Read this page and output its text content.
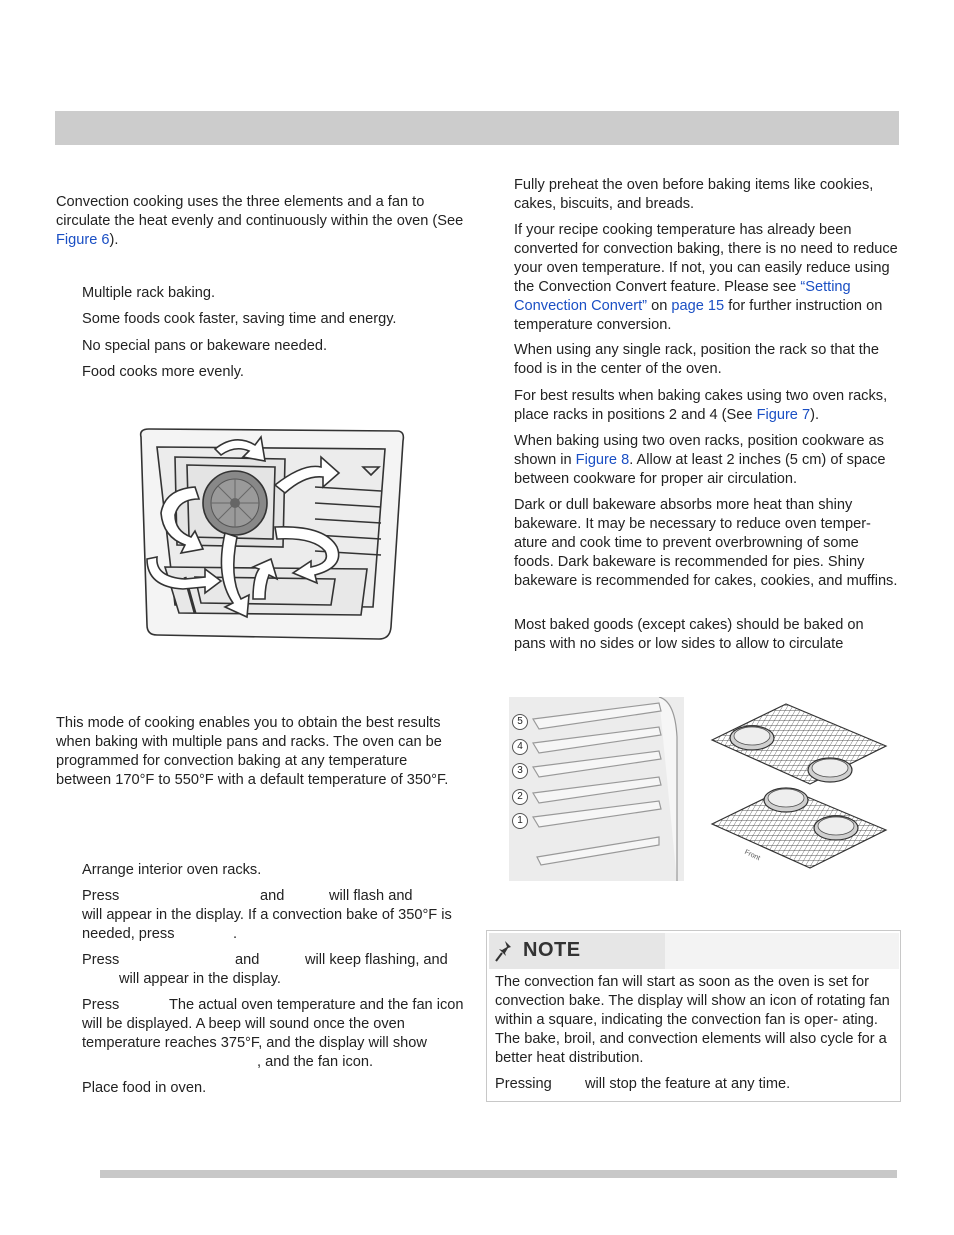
Convection cooking uses the three elements and a fan to circulate the heat evenly and continuously within the oven (See Figure 6).

Multiple rack baking.

Some foods cook faster, saving time and energy.

No special pans or bakeware needed.

Food cooks more evenly.

This mode of cooking enables you to obtain the best results when baking with multiple pans and racks. The oven can be programmed for convection baking at any temperature between 170°F to 550°F with a default temperature of 350°F.

Arrange interior oven racks.

Press	and	will flash and
will appear in the display. If a convection bake of 350°F is needed, press	.
Press	and	will keep flashing, and
will appear in the display.
Press	The actual oven temperature and the fan icon will be displayed. A beep will sound once the oven temperature reaches 375°F, and the display will show
, and the fan icon.

Place food in oven.

Fully preheat the oven before baking items like cookies, cakes, biscuits, and breads.

If your recipe cooking temperature has already been converted for convection baking, there is no need to reduce your oven temperature. If not, you can easily reduce using the Convection Convert feature. Please see “Setting Convection Convert” on page 15 for further instruction on temperature conversion.

When using any single rack, position the rack so that the food is in the center of the oven.

For best results when baking cakes using two oven racks, place racks in positions 2 and 4 (See Figure 7).

When baking using two oven racks, position cookware as shown in Figure 8. Allow at least 2 inches (5 cm) of space between cookware for proper air circulation.

Dark or dull bakeware absorbs more heat than shiny bakeware. It may be necessary to reduce oven temper- ature and cook time to prevent overbrowning of some foods. Dark bakeware is recommended for pies. Shiny bakeware is recommended for cakes, cookies, and muffins.

Most baked goods (except cakes) should be baked on pans with no sides or low sides to allow to circulate

5
4
3
2
1
Front
NOTE

The convection fan will start as soon as the oven is set for convection bake. The display will show an icon of rotating fan within a square, indicating the convection fan is oper- ating. The bake, broil, and convection elements will also cycle for a better heat distribution.

Pressing will stop the feature at any time.
